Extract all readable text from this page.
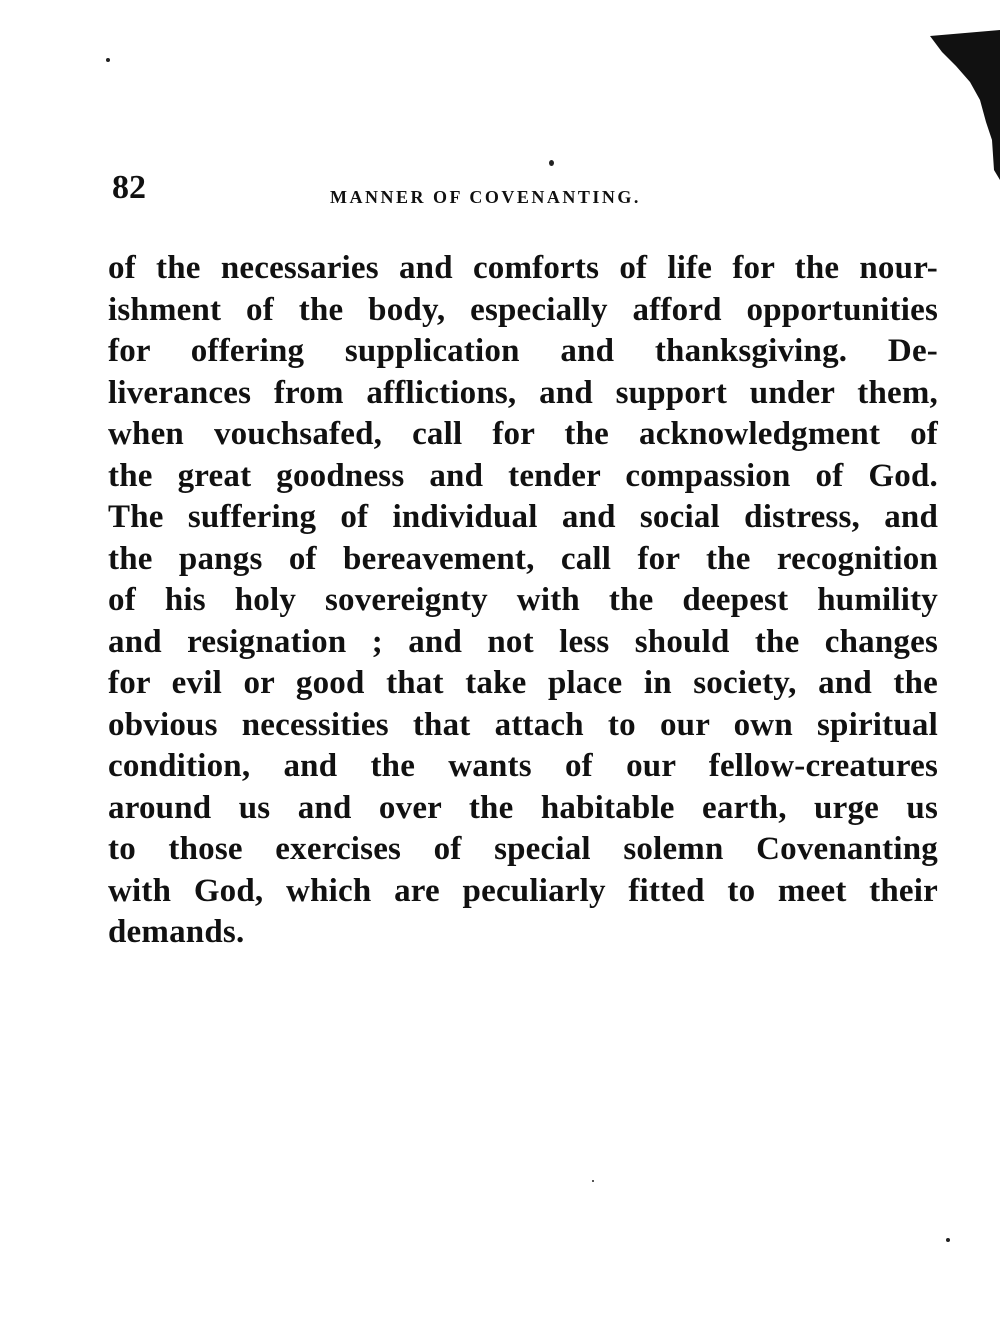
82	MANNER OF COVENANTING.
of the necessaries and comforts of life for the nour-
ishment of the body, especially afford opportunities
for offering supplication and thanksgiving. De-
liverances from afflictions, and support under them,
when vouchsafed, call for the acknowledgment of
the great goodness and tender compassion of God.
The suffering of individual and social distress, and
the pangs of bereavement, call for the recognition
of his holy sovereignty with the deepest humility
and resignation ; and not less should the changes
for evil or good that take place in society, and the
obvious necessities that attach to our own spiritual
condition, and the wants of our fellow-creatures
around us and over the habitable earth, urge us
to those exercises of special solemn Covenanting
with God, which are peculiarly fitted to meet their
demands.
